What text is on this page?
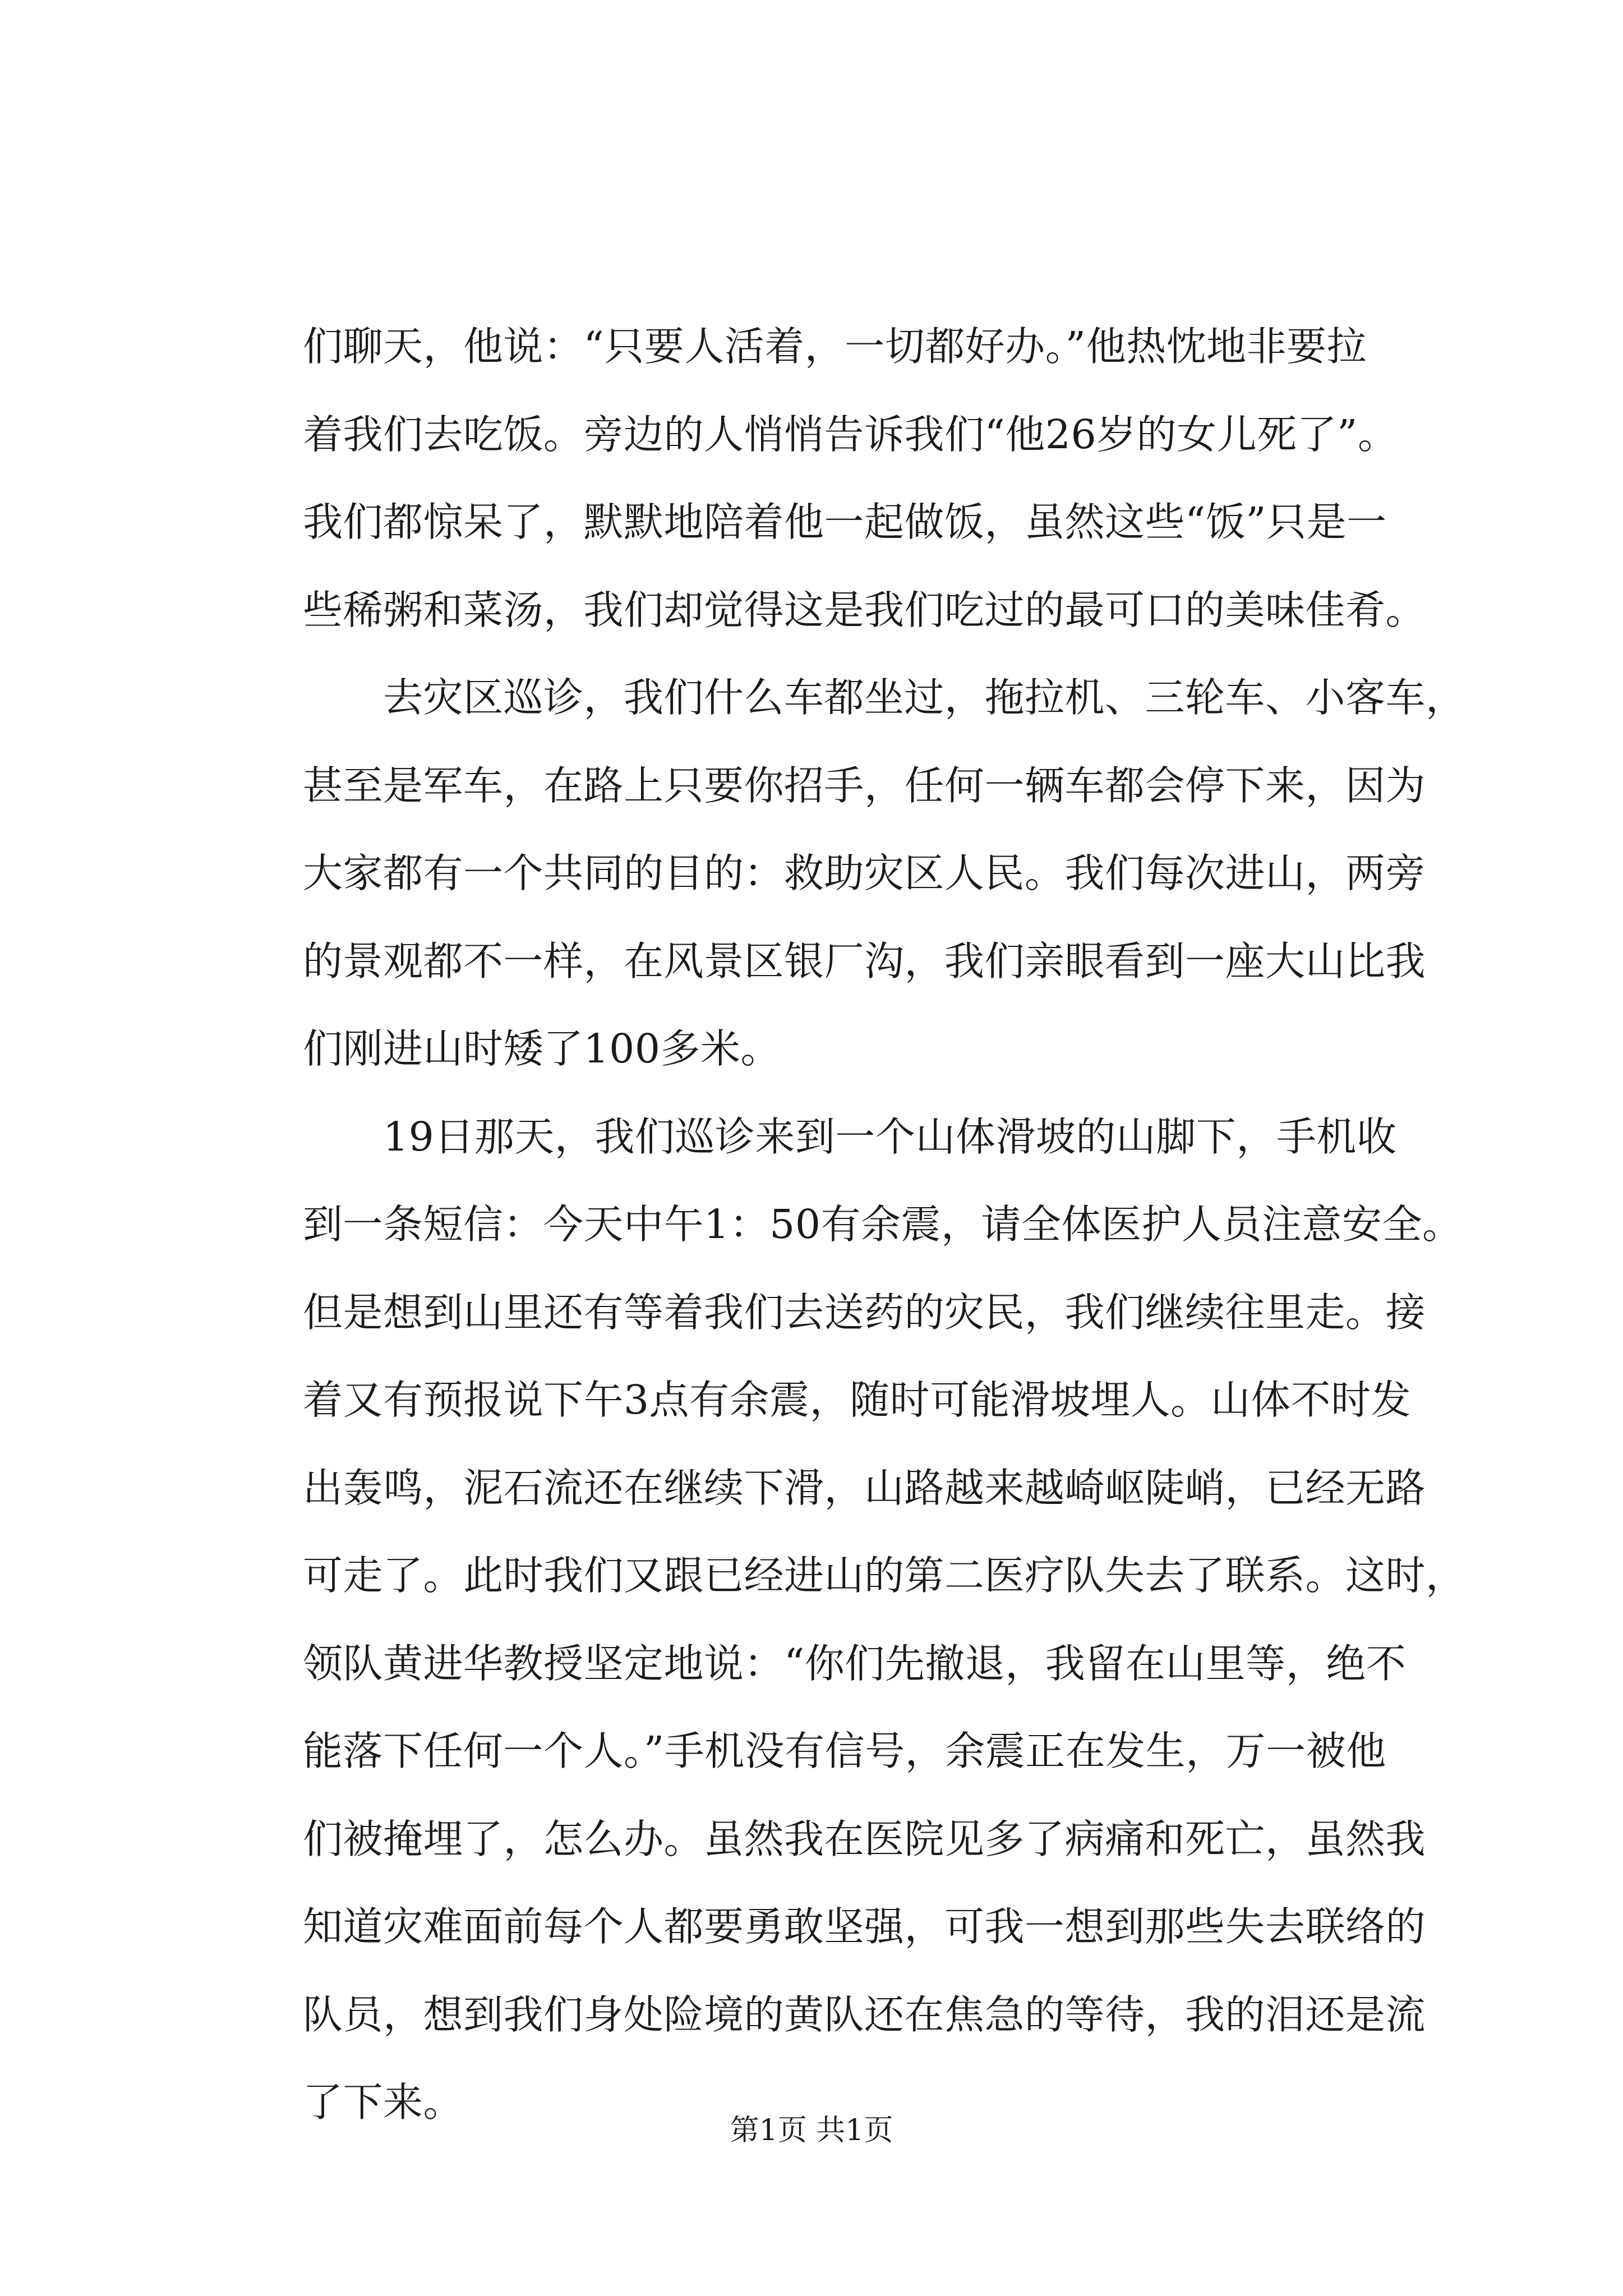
们聊天，他说：“只要人活着，一切都好办。”他热忱地非要拉
着我们去吃饭。旁边的人悄悄告诉我们“他26岁的女儿死了”。
我们都惊呆了，默默地陪着他一起做饭，虽然这些“饭”只是一
些稀粥和菜汤，我们却觉得这是我们吃过的最可口的美味佳肴。
　　去灾区巡诊，我们什么车都坐过，拖拉机、三轮车、小客车，
甚至是军车，在路上只要你招手，任何一辆车都会停下来，因为
大家都有一个共同的目的：救助灾区人民。我们每次进山，两旁
的景观都不一样，在风景区银厂沟，我们亲眼看到一座大山比我
们刚进山时矮了100多米。
　　19日那天，我们巡诊来到一个山体滑坡的山脚下，手机收
到一条短信：今天中午1：50有余震，请全体医护人员注意安全。
但是想到山里还有等着我们去送药的灾民，我们继续往里走。接
着又有预报说下午3点有余震，随时可能滑坡埋人。山体不时发
出轰鸣，泥石流还在继续下滑，山路越来越崎岖陡峭，已经无路
可走了。此时我们又跟已经进山的第二医疗队失去了联系。这时，
领队黄进华教授坚定地说：“你们先撤退，我留在山里等，绝不
能落下任何一个人。”手机没有信号，余震正在发生，万一被他
们被掩埋了，怎么办。虽然我在医院见多了病痛和死亡，虽然我
知道灾难面前每个人都要勇敢坚强，可我一想到那些失去联络的
队员，想到我们身处险境的黄队还在焦急的等待，我的泪还是流
了下来。
第1页 共1页
